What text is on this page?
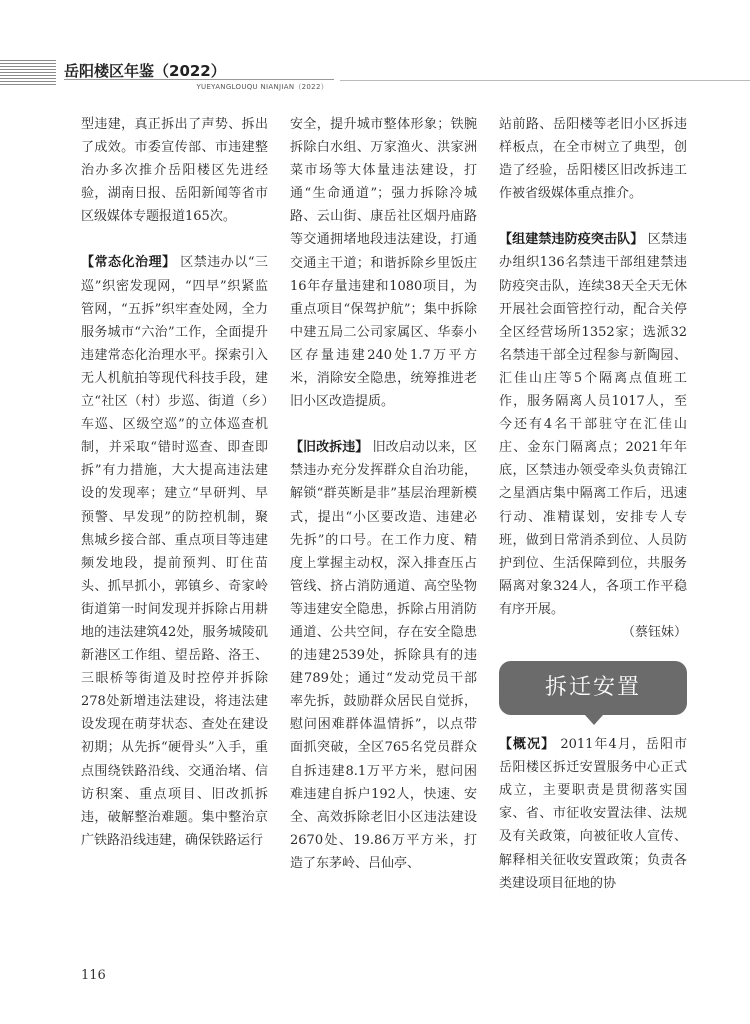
岳阳楼区年鉴（2022）
YUEYANGLOUQU NIANJIAN（2022）

型违建，真正拆出了声势、拆出了成效。市委宣传部、市违建整治办多次推介岳阳楼区先进经验，湖南日报、岳阳新闻等省市区级媒体专题报道165次。

【常态化治理】 区禁违办以“三巡”织密发现网，“四早”织紧监管网，“五拆”织牢查处网，全力服务城市“六治”工作，全面提升违建常态化治理水平。探索引入无人机航拍等现代科技手段，建立“社区（村）步巡、街道（乡）车巡、区级空巡”的立体巡查机制，并采取“错时巡查、即查即拆”有力措施，大大提高违法建设的发现率；建立“早研判、早预警、早发现”的防控机制，聚焦城乡接合部、重点项目等违建频发地段，提前预判、盯住苗头、抓早抓小，郭镇乡、奇家岭街道第一时间发现并拆除占用耕地的违法建筑42处，服务城陵矶新港区工作组、望岳路、洛王、三眼桥等街道及时控停并拆除278处新增违法建设，将违法建设发现在萌芽状态、查处在建设初期；从先拆“硬骨头”入手，重点围绕铁路沿线、交通治堵、信访积案、重点项目、旧改抓拆违，破解整治难题。集中整治京广铁路沿线违建，确保铁路运行

安全，提升城市整体形象；铁腕拆除白水组、万家渔火、洪家洲菜市场等大体量违法建设，打通“生命通道”；强力拆除冷城路、云山街、康岳社区烟丹庙路等交通拥堵地段违法建设，打通交通主干道；和谐拆除乡里饭庄16年存量违建和1080项目，为重点项目“保驾护航”；集中拆除中建五局二公司家属区、华泰小区存量违建240处1.7万平方米，消除安全隐患，统筹推进老旧小区改造提质。

【旧改拆违】 旧改启动以来，区禁违办充分发挥群众自治功能，解锁“群英断是非”基层治理新模式，提出“小区要改造、违建必先拆”的口号。在工作力度、精度上掌握主动权，深入排查压占管线、挤占消防通道、高空坠物等违建安全隐患，拆除占用消防通道、公共空间，存在安全隐患的违建2539处，拆除具有的违建789处；通过“发动党员干部率先拆，鼓励群众居民自觉拆，慰问困难群体温情拆”，以点带面抓突破，全区765名党员群众自拆违建8.1万平方米，慰问困难违建自拆户192人，快速、安全、高效拆除老旧小区违法建设2670处、19.86万平方米，打造了东茅岭、吕仙亭、

站前路、岳阳楼等老旧小区拆违样板点，在全市树立了典型，创造了经验，岳阳楼区旧改拆违工作被省级媒体重点推介。

【组建禁违防疫突击队】 区禁违办组织136名禁违干部组建禁违防疫突击队，连续38天全天无休开展社会面管控行动，配合关停全区经营场所1352家；选派32名禁违干部全过程参与新陶园、汇佳山庄等5个隔离点值班工作，服务隔离人员1017人，至今还有4名干部驻守在汇佳山庄、金东门隔离点；2021年年底，区禁违办领受牵头负责锦江之星酒店集中隔离工作后，迅速行动、准精谋划，安排专人专班，做到日常消杀到位、人员防护到位、生活保障到位，共服务隔离对象324人，各项工作平稳有序开展。

（蔡钰妹）

拆迁安置

【概况】 2011年4月，岳阳市岳阳楼区拆迁安置服务中心正式成立，主要职责是贯彻落实国家、省、市征收安置法律、法规及有关政策，向被征收人宣传、解释相关征收安置政策；负责各类建设项目征地的协

116
